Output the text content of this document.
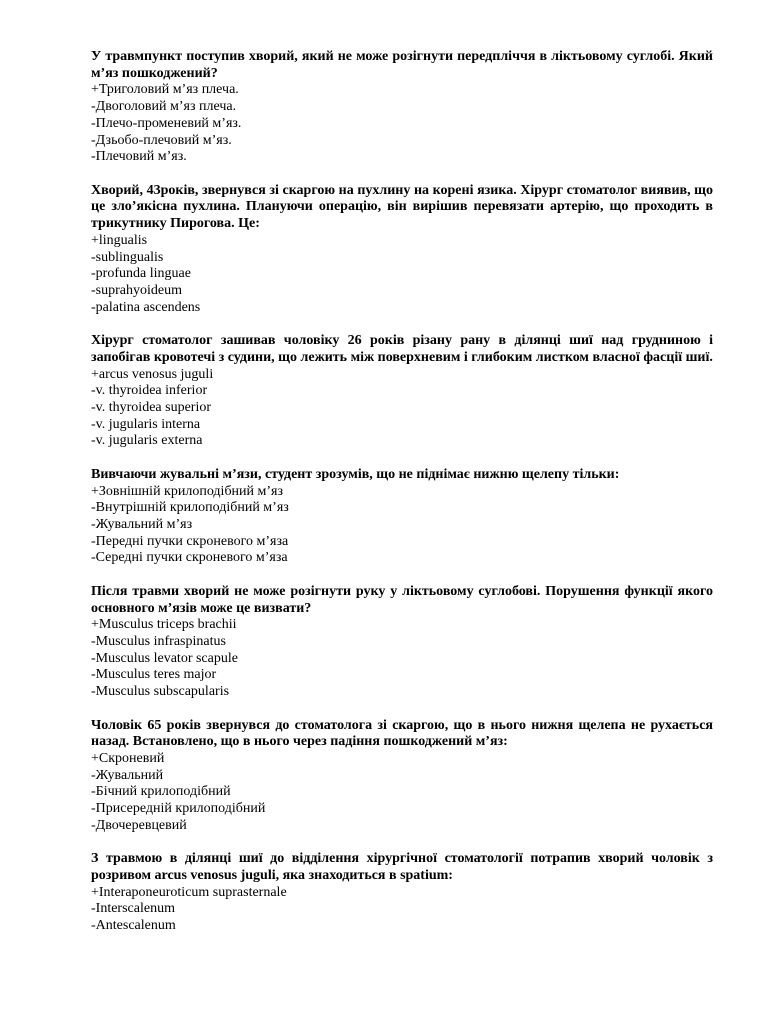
У травмпункт поступив хворий, який не може розігнути передпліччя в ліктьовому суглобі. Який м’яз пошкоджений?

+Триголовий м’яз плеча.

-Двоголовий м’яз плеча.

-Плечо-променевий м’яз.

-Дзьобо-плечовий м’яз.

-Плечовий м’яз.

Хворий, 43років, звернувся зі скаргою на пухлину на корені язика. Хірург стоматолог виявив, що це зло’якісна пухлина. Плануючи операцію, він вирішив перевязати артерію, що проходить в трикутнику Пирогова. Це:

+lingualis

-sublingualis

-profunda linguae

-suprahyoideum

-palatina ascendens

Хірург стоматолог зашивав чоловіку 26 років різану рану в ділянці шиї над грудниною і запобігав кровотечі з судини, що лежить між поверхневим і глибоким листком власної фасції шиї.

+arcus venosus juguli

-v. thyroidea inferior

-v. thyroidea superior

-v. jugularis interna

-v. jugularis externa

Вивчаючи жувальні м’язи, студент зрозумів, що не піднімає нижню щелепу тільки:

+Зовнішній крилоподібний м’яз

-Внутрішній крилоподібний м’яз

-Жувальний м’яз

-Передні пучки скроневого м’яза

-Середні пучки скроневого м’яза

Після травми хворий не може розігнути руку у ліктьовому суглобові. Порушення функції якого основного м’язів може це визвати?

+Musculus triceps brachii

-Musculus infraspinatus

-Musculus levator scapule

-Musculus teres major

-Musculus subscapularis

Чоловік 65 років звернувся до стоматолога зі скаргою, що в нього нижня щелепа не рухається назад. Встановлено, що в нього через падіння пошкоджений м’яз:

+Скроневий

-Жувальний

-Бічний крилоподібний

-Присередній крилоподібний

-Двочеревцевий

З травмою в ділянці шиї до відділення хірургічної стоматології потрапив хворий чоловік з розривом arcus venosus juguli, яка знаходиться в spatium:

+Interaponeuroticum suprasternale

-Interscalenum

-Antescalenum
